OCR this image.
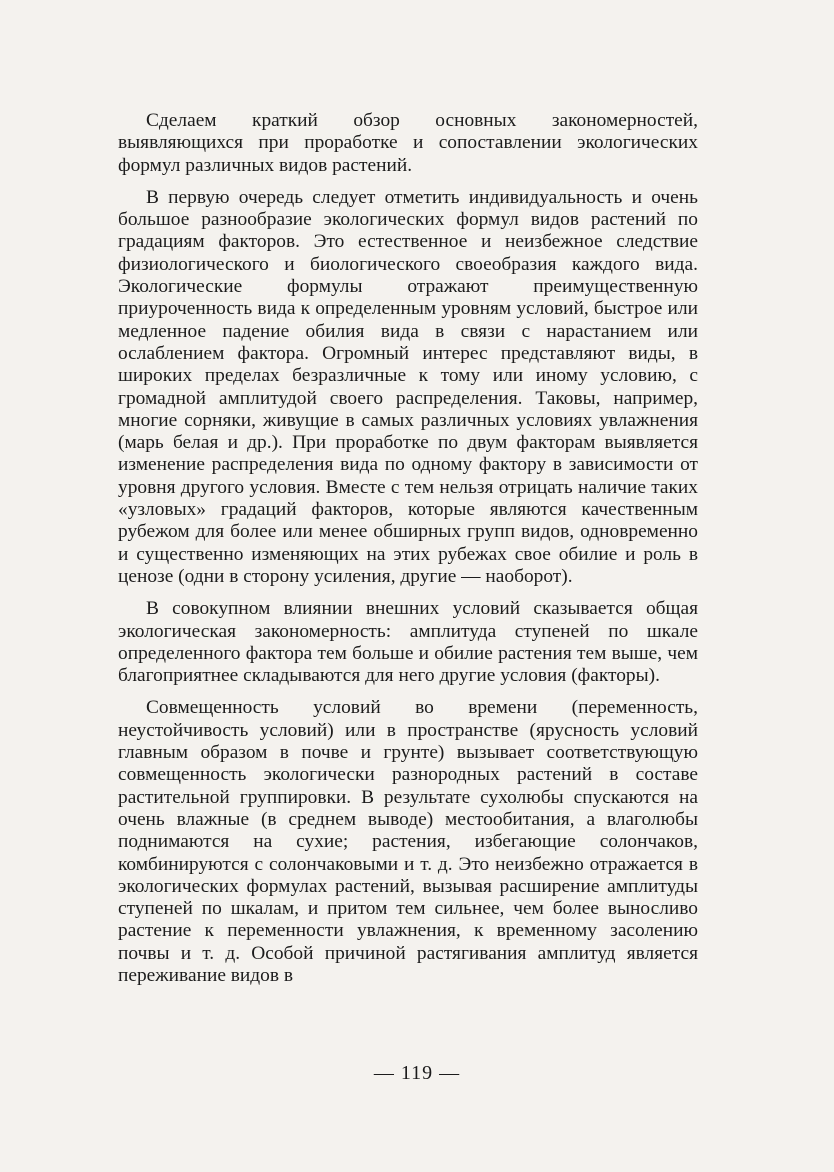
Сделаем краткий обзор основных закономерностей, выявляющихся при проработке и сопоставлении экологических формул различных видов растений.

В первую очередь следует отметить индивидуальность и очень большое разнообразие экологических формул видов растений по градациям факторов. Это естественное и неизбежное следствие физиологического и биологического своеобразия каждого вида. Экологические формулы отражают преимущественную приуроченность вида к определенным уровням условий, быстрое или медленное падение обилия вида в связи с нарастанием или ослаблением фактора. Огромный интерес представляют виды, в широких пределах безразличные к тому или иному условию, с громадной амплитудой своего распределения. Таковы, например, многие сорняки, живущие в самых различных условиях увлажнения (марь белая и др.). При проработке по двум факторам выявляется изменение распределения вида по одному фактору в зависимости от уровня другого условия. Вместе с тем нельзя отрицать наличие таких «узловых» градаций факторов, которые являются качественным рубежом для более или менее обширных групп видов, одновременно и существенно изменяющих на этих рубежах свое обилие и роль в ценозе (одни в сторону усиления, другие — наоборот).

В совокупном влиянии внешних условий сказывается общая экологическая закономерность: амплитуда ступеней по шкале определенного фактора тем больше и обилие растения тем выше, чем благоприятнее складываются для него другие условия (факторы).

Совмещенность условий во времени (переменность, неустойчивость условий) или в пространстве (ярусность условий главным образом в почве и грунте) вызывает соответствующую совмещенность экологически разнородных растений в составе растительной группировки. В результате сухолюбы спускаются на очень влажные (в среднем выводе) местообитания, а влаголюбы поднимаются на сухие; растения, избегающие солончаков, комбинируются с солончаковыми и т. д. Это неизбежно отражается в экологических формулах растений, вызывая расширение амплитуды ступеней по шкалам, и притом тем сильнее, чем более выносливо растение к переменности увлажнения, к временному засолению почвы и т. д. Особой причиной растягивания амплитуд является переживание видов в

— 119 —
